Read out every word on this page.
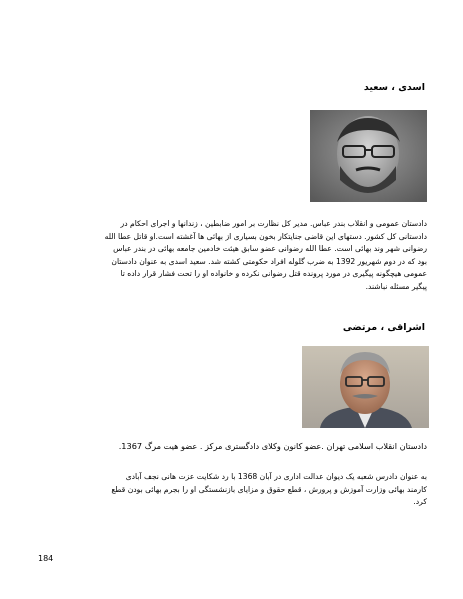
اسدی ، سعید
دادستان عمومی و انقلاب بندر عباس. مدیر کل نظارت بر امور ضابطین ، زندانها و اجرای احکام در
دادستانی کل کشور. دستهای این قاضی جنایتکار بخون بسیاری از بهائی ها آغشته است.او قاتل عطا الله
رضوانی شهر وند بهائی است. عطا الله رضوانی عضو سابق هیئت خادمین جامعه بهائی در بندر عباس
بود که در دوم شهریور 1392 به ضرب گلوله افراد حکومتی کشته شد. سعید اسدی به عنوان دادستان
عمومی هیچگونه پیگیری در مورد پرونده قتل رضوانی نکرده و خانواده او را تحت فشار قرار داده تا
پیگیر مسئله نباشند.
اشراقی ، مرتضی
دادستان انقلاب اسلامی تهران .عضو کانون وکلای دادگستری مرکز . عضو هیت مرگ 1367.
به عنوان دادرس شعبه یک دیوان عدالت اداری در آبان 1368 با رد شکایت عزت هانی نجف آبادی
کارمند بهائی وزارت آموزش و پرورش ، قطع حقوق و مزایای بازنشستگی او را بجرم بهائی بودن قطع
کرد.
184
